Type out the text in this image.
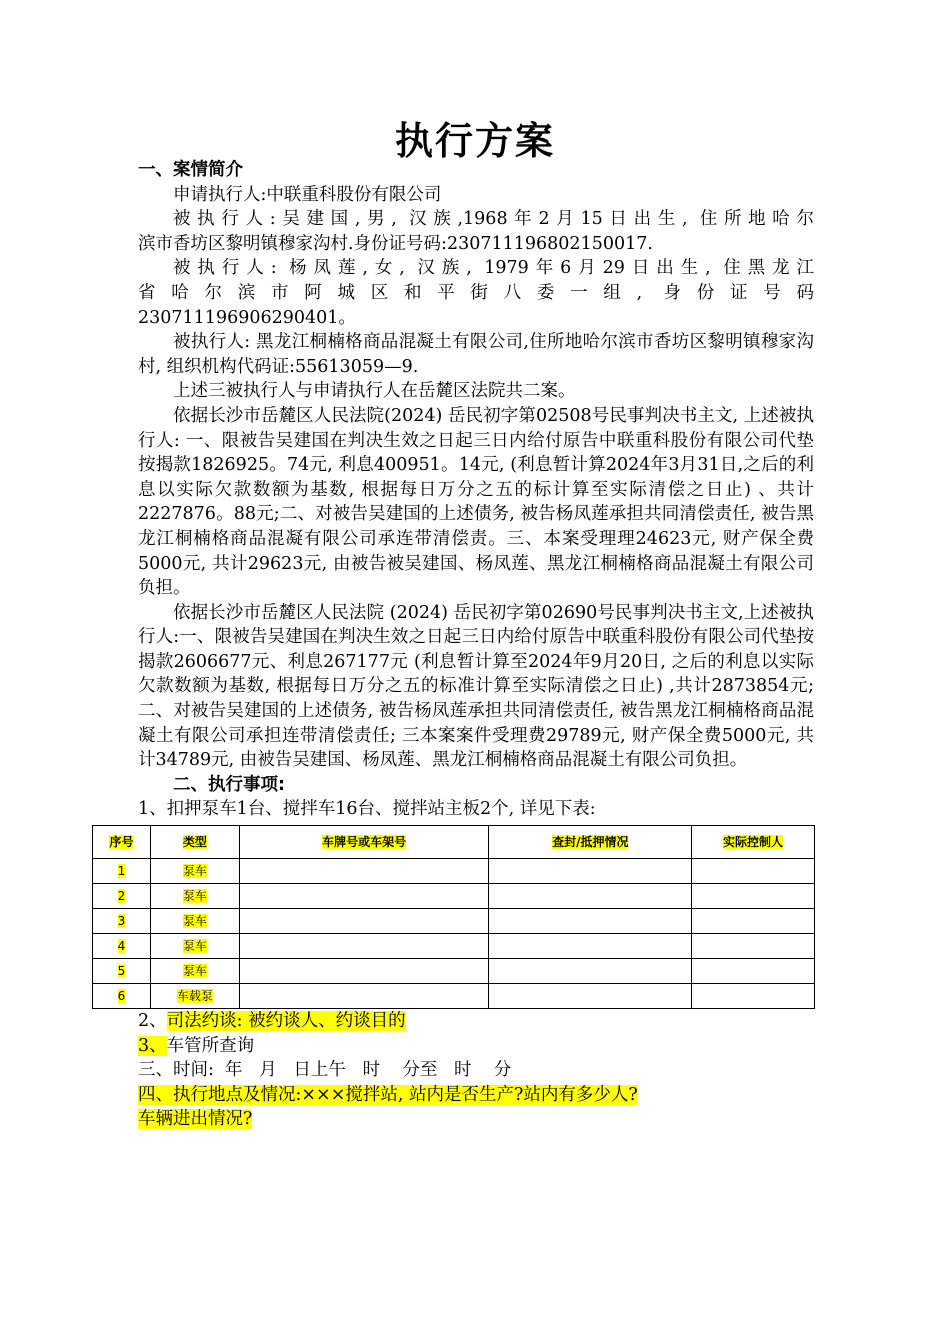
执行方案

一、案情简介

申请执行人:中联重科股份有限公司

被执行人:吴建国,男, 汉族,1968年2月15日出生, 住所地哈尔

滨市香坊区黎明镇穆家沟村.身份证号码:230711196802150017.

被执行人: 杨凤莲,女, 汉族, 1979年6月29日出生, 住黑龙江

省哈尔滨市阿城区和平街八委一组, 身份证号码

230711196906290401。

被执行人: 黑龙江桐楠格商品混凝土有限公司,住所地哈尔滨市香坊区黎明镇穆家沟村, 组织机构代码证:55613059—9.

上述三被执行人与申请执行人在岳麓区法院共二案。

依据长沙市岳麓区人民法院(2024) 岳民初字第02508号民事判决书主文, 上述被执行人: 一、限被告吴建国在判决生效之日起三日内给付原告中联重科股份有限公司代垫按揭款1826925。74元, 利息400951。14元, (利息暂计算2024年3月31日,之后的利息以实际欠款数额为基数, 根据每日万分之五的标计算至实际清偿之日止) 、共计2227876。88元;二、对被告吴建国的上述债务, 被告杨凤莲承担共同清偿责任, 被告黑龙江桐楠格商品混凝有限公司承连带清偿责。三、本案受理理24623元, 财产保全费5000元, 共计29623元, 由被告被吴建国、杨凤莲、黑龙江桐楠格商品混凝土有限公司负担。

依据长沙市岳麓区人民法院 (2024) 岳民初字第02690号民事判决书主文,上述被执行人:一、限被告吴建国在判决生效之日起三日内给付原告中联重科股份有限公司代垫按揭款2606677元、利息267177元 (利息暂计算至2024年9月20日, 之后的利息以实际欠款数额为基数, 根据每日万分之五的标准计算至实际清偿之日止) ,共计2873854元;二、对被告吴建国的上述债务, 被告杨凤莲承担共同清偿责任, 被告黑龙江桐楠格商品混凝土有限公司承担连带清偿责任; 三本案案件受理费29789元, 财产保全费5000元, 共计34789元, 由被告吴建国、杨凤莲、黑龙江桐楠格商品混凝土有限公司负担。

二、执行事项:

1、扣押泵车1台、搅拌车16台、搅拌站主板2个, 详见下表:

序号	类型	车牌号或车架号	查封/抵押情况	实际控制人
1	泵车			
2	泵车			
3	泵车			
4	泵车			
5	泵车			
6	车载泵			

2、司法约谈: 被约谈人、约谈目的

3、车管所查询

三、时间:  年   月   日上午   时    分至   时    分

四、执行地点及情况:×××搅拌站, 站内是否生产?站内有多少人?

车辆进出情况?
